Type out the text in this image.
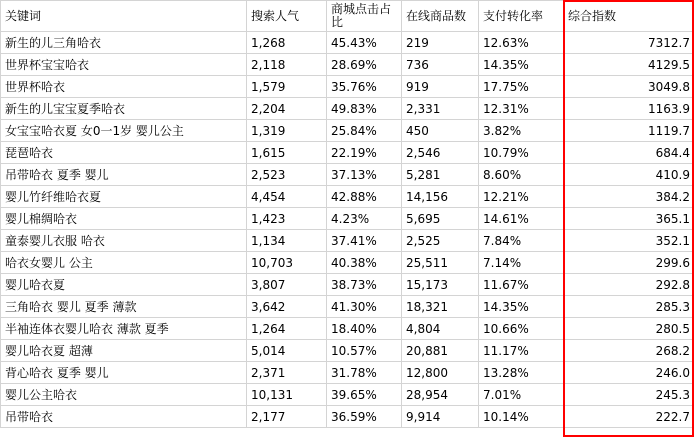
关键词	搜索人气	商城点击占比	在线商品数	支付转化率	综合指数
新生的儿三角哈衣	1,268	45.43%	219	12.63%	7312.7
世界杯宝宝哈衣	2,118	28.69%	736	14.35%	4129.5
世界杯哈衣	1,579	35.76%	919	17.75%	3049.8
新生的儿宝宝夏季哈衣	2,204	49.83%	2,331	12.31%	1163.9
女宝宝哈衣夏 女0一1岁 婴儿公主	1,319	25.84%	450	3.82%	1119.7
琵琶哈衣	1,615	22.19%	2,546	10.79%	684.4
吊带哈衣 夏季 婴儿	2,523	37.13%	5,281	8.60%	410.9
婴儿竹纤维哈衣夏	4,454	42.88%	14,156	12.21%	384.2
婴儿棉绸哈衣	1,423	4.23%	5,695	14.61%	365.1
童泰婴儿衣服 哈衣	1,134	37.41%	2,525	7.84%	352.1
哈衣女婴儿 公主	10,703	40.38%	25,511	7.14%	299.6
婴儿哈衣夏	3,807	38.73%	15,173	11.67%	292.8
三角哈衣 婴儿 夏季 薄款	3,642	41.30%	18,321	14.35%	285.3
半袖连体衣婴儿哈衣 薄款 夏季	1,264	18.40%	4,804	10.66%	280.5
婴儿哈衣夏 超薄	5,014	10.57%	20,881	11.17%	268.2
背心哈衣 夏季 婴儿	2,371	31.78%	12,800	13.28%	246.0
婴儿公主哈衣	10,131	39.65%	28,954	7.01%	245.3
吊带哈衣	2,177	36.59%	9,914	10.14%	222.7
